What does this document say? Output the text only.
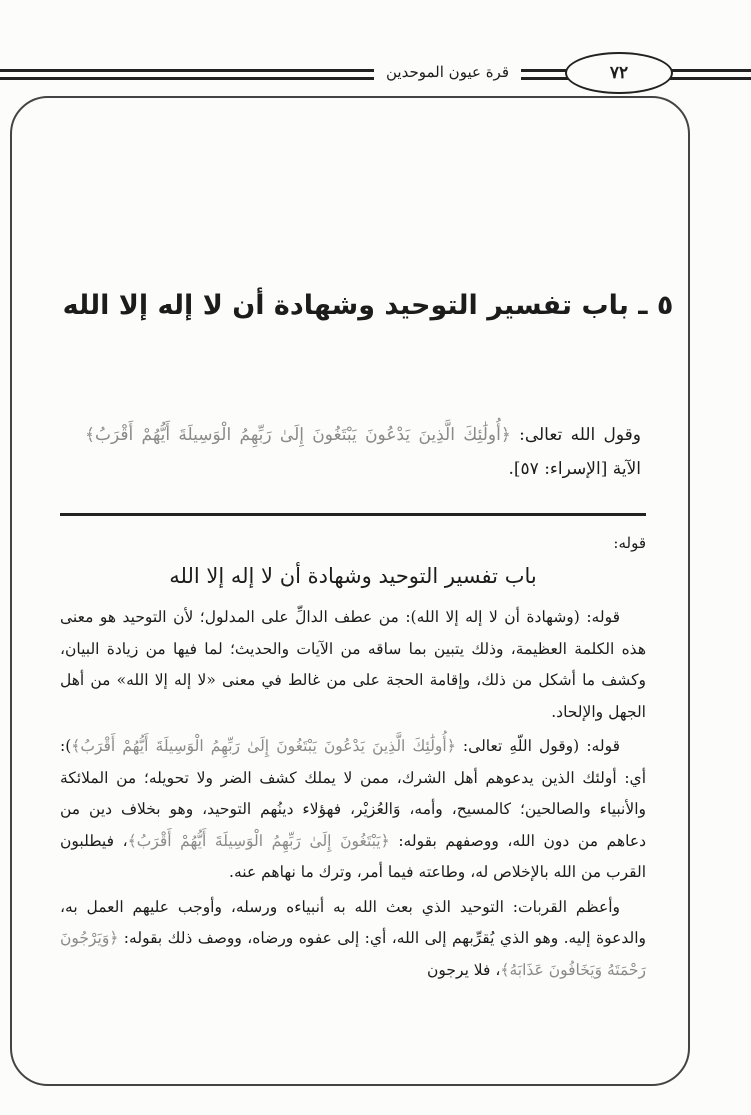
قرة عيون الموحدين	٧٢
٥ ـ باب تفسير التوحيد وشهادة أن لا إله إلا الله
وقول الله تعالى: ﴿أُولَٰئِكَ الَّذِينَ يَدْعُونَ يَبْتَغُونَ إِلَىٰ رَبِّهِمُ الْوَسِيلَةَ أَيُّهُمْ أَقْرَبُ﴾ الآية [الإسراء: ٥٧].

قوله:

باب تفسير التوحيد وشهادة أن لا إله إلا الله

قوله: (وشهادة أن لا إله إلا الله): من عطف الدالِّ على المدلول؛ لأن التوحيد هو معنى هذه الكلمة العظيمة، وذلك يتبين بما ساقه من الآيات والحديث؛ لما فيها من زيادة البيان، وكشف ما أشكل من ذلك، وإقامة الحجة على من غالط في معنى «لا إله إلا الله» من أهل الجهل والإلحاد.

قوله: (وقول اللّهِ تعالى: ﴿أُولَٰئِكَ الَّذِينَ يَدْعُونَ يَبْتَغُونَ إِلَىٰ رَبِّهِمُ الْوَسِيلَةَ أَيُّهُمْ أَقْرَبُ﴾): أي: أولئك الذين يدعوهم أهل الشرك، ممن لا يملك كشف الضر ولا تحويله؛ من الملائكة والأنبياء والصالحين؛ كالمسيح، وأمه، وَالعُزيْر، فهؤلاء دينُهم التوحيد، وهو بخلاف دين من دعاهم من دون الله، ووصفهم بقوله: ﴿يَبْتَغُونَ إِلَىٰ رَبِّهِمُ الْوَسِيلَةَ أَيُّهُمْ أَقْرَبُ﴾، فيطلبون القرب من الله بالإخلاص له، وطاعته فيما أمر، وترك ما نهاهم عنه.

وأعظم القربات: التوحيد الذي بعث الله به أنبياءه ورسله، وأوجب عليهم العمل به، والدعوة إليه. وهو الذي يُقرِّبهم إلى الله، أي: إلى عفوه ورضاه، ووصف ذلك بقوله: ﴿وَيَرْجُونَ رَحْمَتَهُ وَيَخَافُونَ عَذَابَهُ﴾، فلا يرجون
